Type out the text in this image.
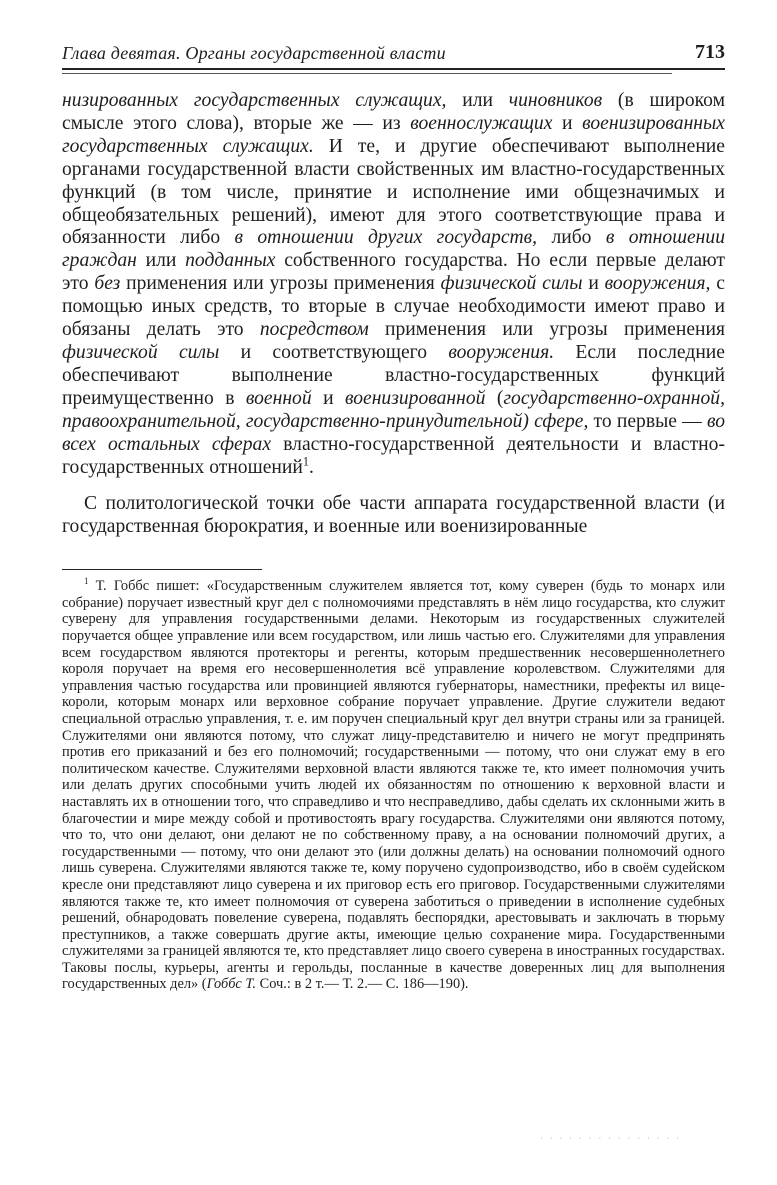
Глава девятая. Органы государственной власти	713

низированных государственных служащих, или чиновников (в широком смысле этого слова), вторые же — из военнослужащих и военизированных государственных служащих. И те, и другие обеспечивают выполнение органами государственной власти свойственных им властно-государственных функций (в том числе, принятие и исполнение ими общезначимых и общеобязательных решений), имеют для этого соответствующие права и обязанности либо в отношении других государств, либо в отношении граждан или подданных собственного государства. Но если первые делают это без применения или угрозы применения физической силы и вооружения, с помощью иных средств, то вторые в случае необходимости имеют право и обязаны делать это посредством применения или угрозы применения физической силы и соответствующего вооружения. Если последние обеспечивают выполнение властно-государственных функций преимущественно в военной и военизированной (государственно-охранной, правоохранительной, государственно-принудительной) сфере, то первые — во всех остальных сферах властно-государственной деятельности и властно-государственных отношений$^1$.

С политологической точки обе части аппарата государственной власти (и государственная бюрократия, и военные или военизированные

$^1$ Т. Гоббс пишет: «Государственным служителем является тот, кому суверен (будь то монарх или собрание) поручает известный круг дел с полномочиями представлять в нём лицо государства, кто служит суверену для управления государственными делами. Некоторым из государственных служителей поручается общее управление или всем государством, или лишь частью его. Служителями для управления всем государством являются протекторы и регенты, которым предшественник несовершеннолетнего короля поручает на время его несовершеннолетия всё управление королевством. Служителями для управления частью государства или провинцией являются губернаторы, наместники, префекты ил вице-короли, которым монарх или верховное собрание поручает управление. Другие служители ведают специальной отраслью управления, т. е. им поручен специальный круг дел внутри страны или за границей. Служителями они являются потому, что служат лицу-представителю и ничего не могут предпринять против его приказаний и без его полномочий; государственными — потому, что они служат ему в его политическом качестве. Служителями верховной власти являются также те, кто имеет полномочия учить или делать других способными учить людей их обязанностям по отношению к верховной власти и наставлять их в отношении того, что справедливо и что несправедливо, дабы сделать их склонными жить в благочестии и мире между собой и противостоять врагу государства. Служителями они являются потому, что то, что они делают, они делают не по собственному праву, а на основании полномочий других, а государственными — потому, что они делают это (или должны делать) на основании полномочий одного лишь суверена. Служителями являются также те, кому поручено судопроизводство, ибо в своём судейском кресле они представляют лицо суверена и их приговор есть его приговор. Государственными служителями являются также те, кто имеет полномочия от суверена заботиться о приведении в исполнение судебных решений, обнародовать повеление суверена, подавлять беспорядки, арестовывать и заключать в тюрьму преступников, а также совершать другие акты, имеющие целью сохранение мира. Государственными служителями за границей являются те, кто представляет лицо своего суверена в иностранных государствах. Таковы послы, курьеры, агенты и герольды, посланные в качестве доверенных лиц для выполнения государственных дел» (Гоббс Т. Соч.: в 2 т.— Т. 2.— С. 186—190).
· · · · · · · · · · · · · · ·
